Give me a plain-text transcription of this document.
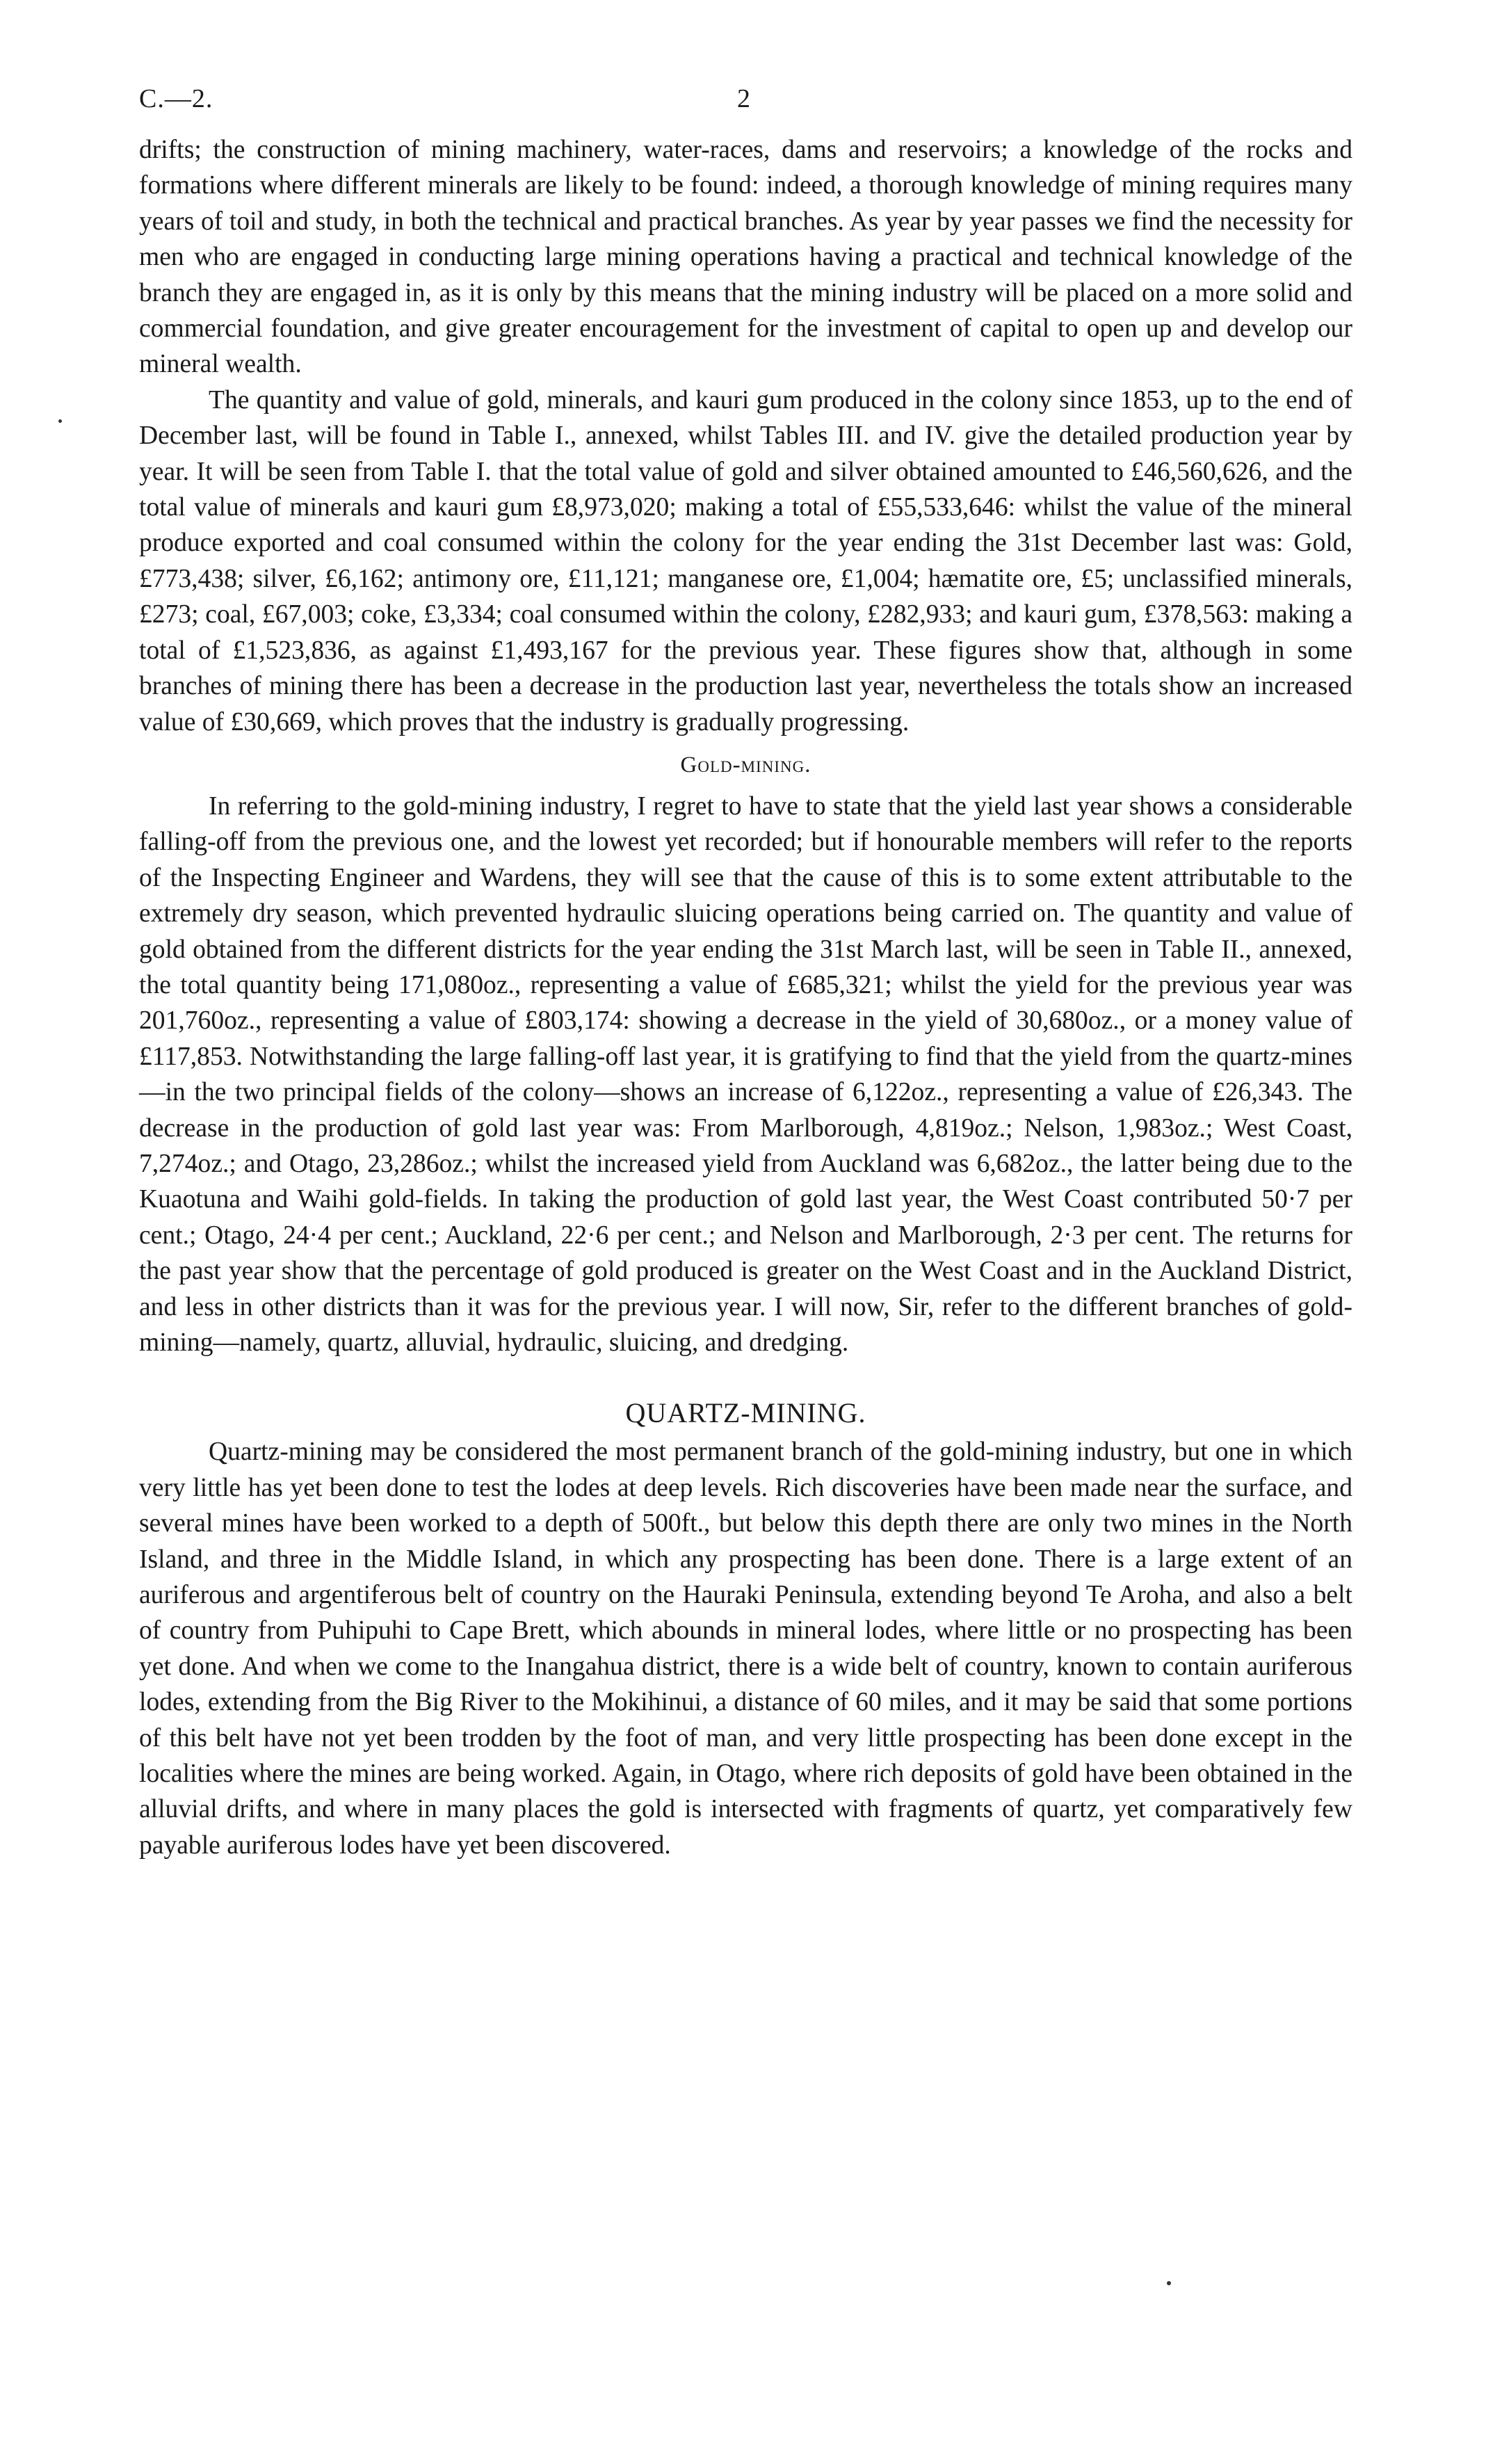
C.—2.	2

drifts; the construction of mining machinery, water-races, dams and reservoirs; a knowledge of the rocks and formations where different minerals are likely to be found: indeed, a thorough knowledge of mining requires many years of toil and study, in both the technical and practical branches. As year by year passes we find the necessity for men who are engaged in conducting large mining operations having a practical and technical knowledge of the branch they are engaged in, as it is only by this means that the mining industry will be placed on a more solid and commercial foundation, and give greater encouragement for the investment of capital to open up and develop our mineral wealth.

The quantity and value of gold, minerals, and kauri gum produced in the colony since 1853, up to the end of December last, will be found in Table I., annexed, whilst Tables III. and IV. give the detailed production year by year. It will be seen from Table I. that the total value of gold and silver obtained amounted to £46,560,626, and the total value of minerals and kauri gum £8,973,020; making a total of £55,533,646: whilst the value of the mineral produce exported and coal consumed within the colony for the year ending the 31st December last was: Gold, £773,438; silver, £6,162; antimony ore, £11,121; manganese ore, £1,004; hæmatite ore, £5; unclassified minerals, £273; coal, £67,003; coke, £3,334; coal consumed within the colony, £282,933; and kauri gum, £378,563: making a total of £1,523,836, as against £1,493,167 for the previous year. These figures show that, although in some branches of mining there has been a decrease in the production last year, nevertheless the totals show an increased value of £30,669, which proves that the industry is gradually progressing.

Gold-mining.

In referring to the gold-mining industry, I regret to have to state that the yield last year shows a considerable falling-off from the previous one, and the lowest yet recorded; but if honourable members will refer to the reports of the Inspecting Engineer and Wardens, they will see that the cause of this is to some extent attributable to the extremely dry season, which prevented hydraulic sluicing operations being carried on. The quantity and value of gold obtained from the different districts for the year ending the 31st March last, will be seen in Table II., annexed, the total quantity being 171,080oz., representing a value of £685,321; whilst the yield for the previous year was 201,760oz., representing a value of £803,174: showing a decrease in the yield of 30,680oz., or a money value of £117,853. Notwithstanding the large falling-off last year, it is gratifying to find that the yield from the quartz-mines—in the two principal fields of the colony—shows an increase of 6,122oz., representing a value of £26,343. The decrease in the production of gold last year was: From Marlborough, 4,819oz.; Nelson, 1,983oz.; West Coast, 7,274oz.; and Otago, 23,286oz.; whilst the increased yield from Auckland was 6,682oz., the latter being due to the Kuaotuna and Waihi gold-fields. In taking the production of gold last year, the West Coast contributed 50·7 per cent.; Otago, 24·4 per cent.; Auckland, 22·6 per cent.; and Nelson and Marlborough, 2·3 per cent. The returns for the past year show that the percentage of gold produced is greater on the West Coast and in the Auckland District, and less in other districts than it was for the previous year. I will now, Sir, refer to the different branches of gold-mining—namely, quartz, alluvial, hydraulic, sluicing, and dredging.

QUARTZ-MINING.

Quartz-mining may be considered the most permanent branch of the gold-mining industry, but one in which very little has yet been done to test the lodes at deep levels. Rich discoveries have been made near the surface, and several mines have been worked to a depth of 500ft., but below this depth there are only two mines in the North Island, and three in the Middle Island, in which any prospecting has been done. There is a large extent of an auriferous and argentiferous belt of country on the Hauraki Peninsula, extending beyond Te Aroha, and also a belt of country from Puhipuhi to Cape Brett, which abounds in mineral lodes, where little or no prospecting has been yet done. And when we come to the Inangahua district, there is a wide belt of country, known to contain auriferous lodes, extending from the Big River to the Mokihinui, a distance of 60 miles, and it may be said that some portions of this belt have not yet been trodden by the foot of man, and very little prospecting has been done except in the localities where the mines are being worked. Again, in Otago, where rich deposits of gold have been obtained in the alluvial drifts, and where in many places the gold is intersected with fragments of quartz, yet comparatively few payable auriferous lodes have yet been discovered.
